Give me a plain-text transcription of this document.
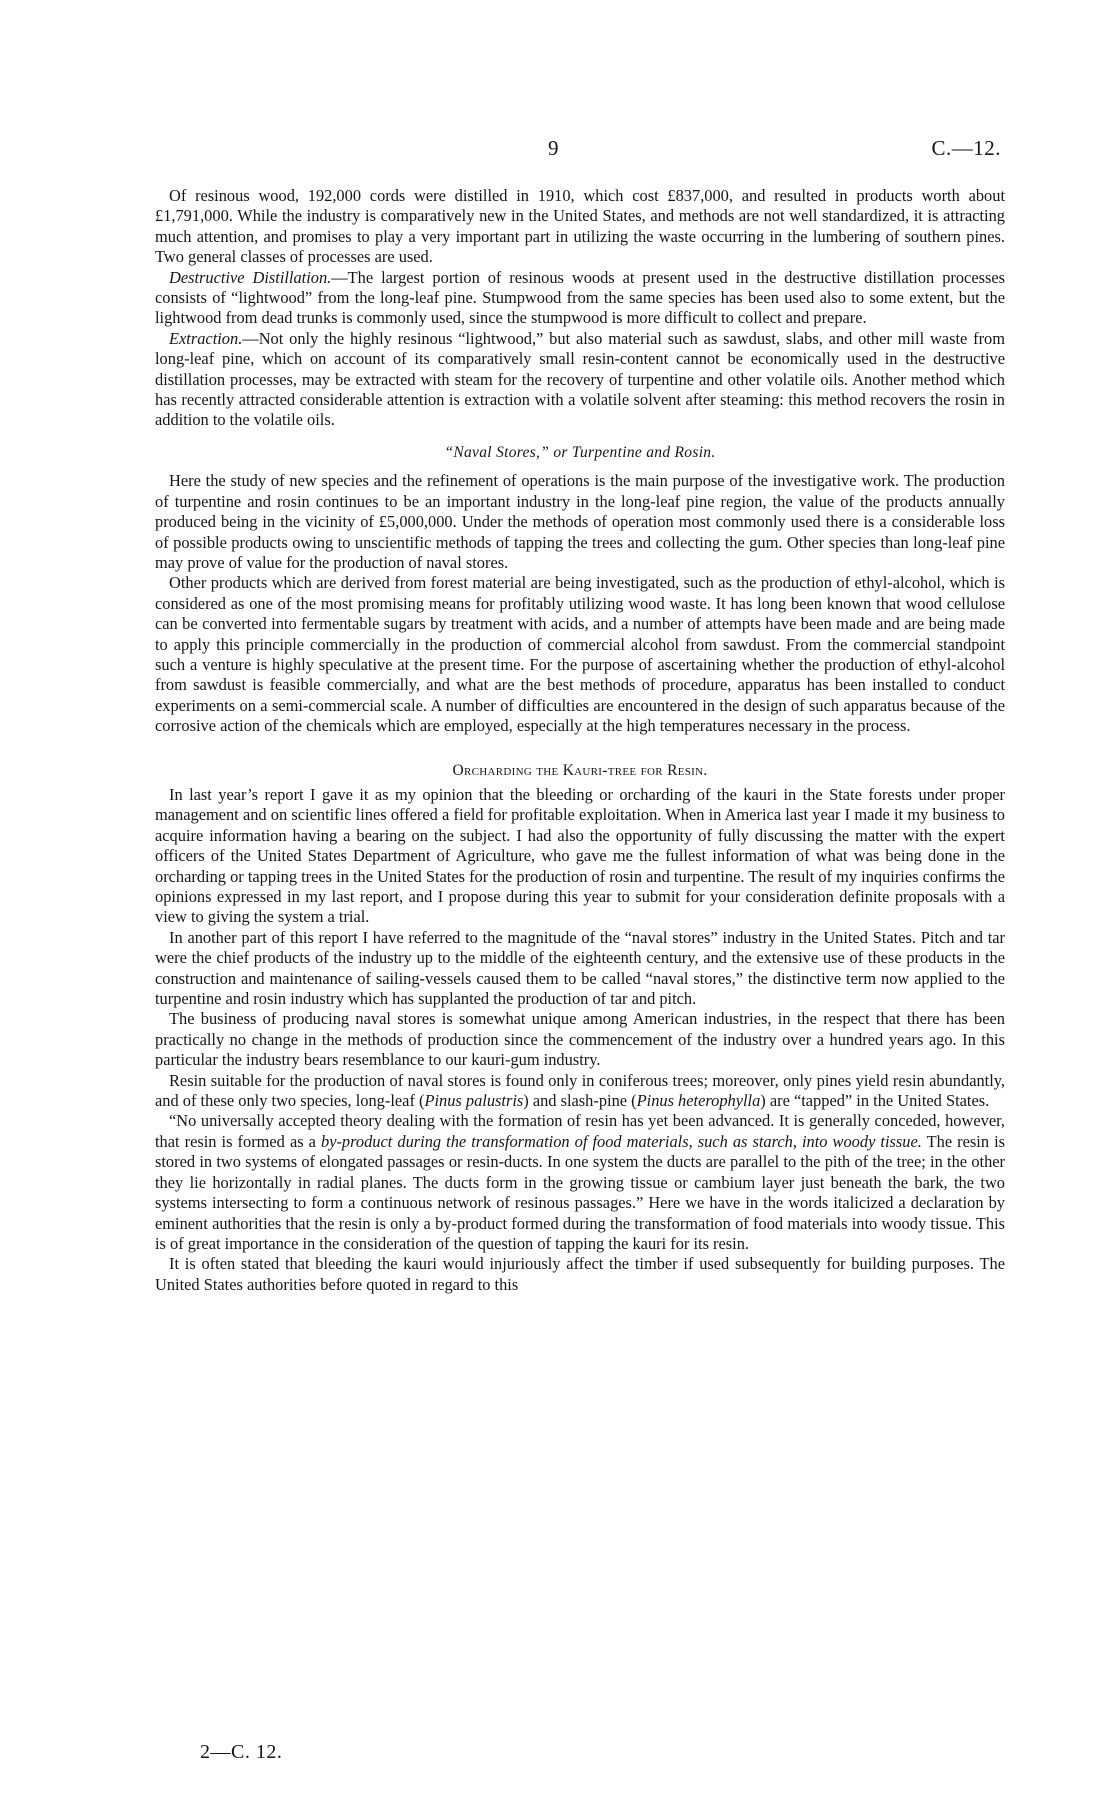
9	C.—12.

Of resinous wood, 192,000 cords were distilled in 1910, which cost £837,000, and resulted in products worth about £1,791,000. While the industry is comparatively new in the United States, and methods are not well standardized, it is attracting much attention, and promises to play a very important part in utilizing the waste occurring in the lumbering of southern pines. Two general classes of processes are used.

Destructive Distillation.—The largest portion of resinous woods at present used in the destructive distillation processes consists of “lightwood” from the long-leaf pine. Stumpwood from the same species has been used also to some extent, but the lightwood from dead trunks is commonly used, since the stumpwood is more difficult to collect and prepare.

Extraction.—Not only the highly resinous “lightwood,” but also material such as sawdust, slabs, and other mill waste from long-leaf pine, which on account of its comparatively small resin-content cannot be economically used in the destructive distillation processes, may be extracted with steam for the recovery of turpentine and other volatile oils. Another method which has recently attracted considerable attention is extraction with a volatile solvent after steaming: this method recovers the rosin in addition to the volatile oils.

“Naval Stores,” or Turpentine and Rosin.

Here the study of new species and the refinement of operations is the main purpose of the investigative work. The production of turpentine and rosin continues to be an important industry in the long-leaf pine region, the value of the products annually produced being in the vicinity of £5,000,000. Under the methods of operation most commonly used there is a considerable loss of possible products owing to unscientific methods of tapping the trees and collecting the gum. Other species than long-leaf pine may prove of value for the production of naval stores.

Other products which are derived from forest material are being investigated, such as the production of ethyl-alcohol, which is considered as one of the most promising means for profitably utilizing wood waste. It has long been known that wood cellulose can be converted into fermentable sugars by treatment with acids, and a number of attempts have been made and are being made to apply this principle commercially in the production of commercial alcohol from sawdust. From the commercial standpoint such a venture is highly speculative at the present time. For the purpose of ascertaining whether the production of ethyl-alcohol from sawdust is feasible commercially, and what are the best methods of procedure, apparatus has been installed to conduct experiments on a semi-commercial scale. A number of difficulties are encountered in the design of such apparatus because of the corrosive action of the chemicals which are employed, especially at the high temperatures necessary in the process.

Orcharding the Kauri-tree for Resin.

In last year’s report I gave it as my opinion that the bleeding or orcharding of the kauri in the State forests under proper management and on scientific lines offered a field for profitable exploitation. When in America last year I made it my business to acquire information having a bearing on the subject. I had also the opportunity of fully discussing the matter with the expert officers of the United States Department of Agriculture, who gave me the fullest information of what was being done in the orcharding or tapping trees in the United States for the production of rosin and turpentine. The result of my inquiries confirms the opinions expressed in my last report, and I propose during this year to submit for your consideration definite proposals with a view to giving the system a trial.

In another part of this report I have referred to the magnitude of the “naval stores” industry in the United States. Pitch and tar were the chief products of the industry up to the middle of the eighteenth century, and the extensive use of these products in the construction and maintenance of sailing-vessels caused them to be called “naval stores,” the distinctive term now applied to the turpentine and rosin industry which has supplanted the production of tar and pitch.

The business of producing naval stores is somewhat unique among American industries, in the respect that there has been practically no change in the methods of production since the commencement of the industry over a hundred years ago. In this particular the industry bears resemblance to our kauri-gum industry.

Resin suitable for the production of naval stores is found only in coniferous trees; moreover, only pines yield resin abundantly, and of these only two species, long-leaf (Pinus palustris) and slash-pine (Pinus heterophylla) are “tapped” in the United States.

“No universally accepted theory dealing with the formation of resin has yet been advanced. It is generally conceded, however, that resin is formed as a by-product during the transformation of food materials, such as starch, into woody tissue. The resin is stored in two systems of elongated passages or resin-ducts. In one system the ducts are parallel to the pith of the tree; in the other they lie horizontally in radial planes. The ducts form in the growing tissue or cambium layer just beneath the bark, the two systems intersecting to form a continuous network of resinous passages.” Here we have in the words italicized a declaration by eminent authorities that the resin is only a by-product formed during the transformation of food materials into woody tissue. This is of great importance in the consideration of the question of tapping the kauri for its resin.

It is often stated that bleeding the kauri would injuriously affect the timber if used subsequently for building purposes. The United States authorities before quoted in regard to this

2—C. 12.
